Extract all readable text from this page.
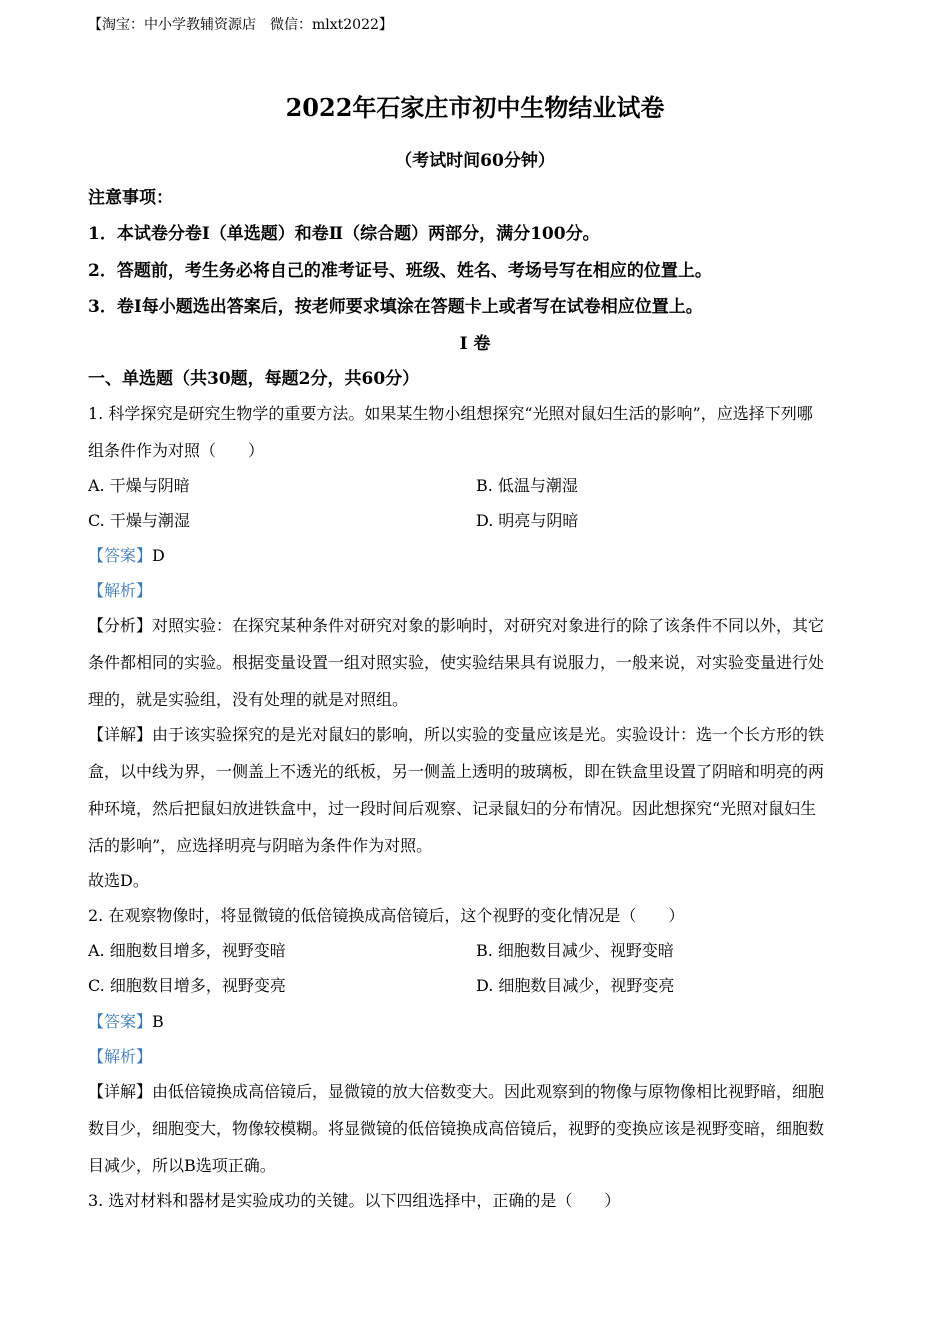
【淘宝：中小学教辅资源店　微信：mlxt2022】
2022年石家庄市初中生物结业试卷
（考试时间60分钟）
注意事项：
1．本试卷分卷Ⅰ（单选题）和卷Ⅱ（综合题）两部分，满分100分。
2．答题前，考生务必将自己的准考证号、班级、姓名、考场号写在相应的位置上。
3．卷Ⅰ每小题选出答案后，按老师要求填涂在答题卡上或者写在试卷相应位置上。
Ⅰ 卷
一、单选题（共30题，每题2分，共60分）
1. 科学探究是研究生物学的重要方法。如果某生物小组想探究“光照对鼠妇生活的影响”，应选择下列哪
组条件作为对照（　　）
A. 干燥与阴暗	B. 低温与潮湿
C. 干燥与潮湿	D. 明亮与阴暗
【答案】D
【解析】
【分析】对照实验：在探究某种条件对研究对象的影响时，对研究对象进行的除了该条件不同以外，其它
条件都相同的实验。根据变量设置一组对照实验，使实验结果具有说服力，一般来说，对实验变量进行处
理的，就是实验组，没有处理的就是对照组。
【详解】由于该实验探究的是光对鼠妇的影响，所以实验的变量应该是光。实验设计：选一个长方形的铁
盒，以中线为界，一侧盖上不透光的纸板，另一侧盖上透明的玻璃板，即在铁盒里设置了阴暗和明亮的两
种环境，然后把鼠妇放进铁盒中，过一段时间后观察、记录鼠妇的分布情况。因此想探究“光照对鼠妇生
活的影响”，应选择明亮与阴暗为条件作为对照。
故选D。
2. 在观察物像时，将显微镜的低倍镜换成高倍镜后，这个视野的变化情况是（　　）
A. 细胞数目增多，视野变暗	B. 细胞数目减少、视野变暗
C. 细胞数目增多，视野变亮	D. 细胞数目减少，视野变亮
【答案】B
【解析】
【详解】由低倍镜换成高倍镜后，显微镜的放大倍数变大。因此观察到的物像与原物像相比视野暗，细胞
数目少，细胞变大，物像较模糊。将显微镜的低倍镜换成高倍镜后，视野的变换应该是视野变暗，细胞数
目减少，所以B选项正确。
3. 选对材料和器材是实验成功的关键。以下四组选择中，正确的是（　　）
